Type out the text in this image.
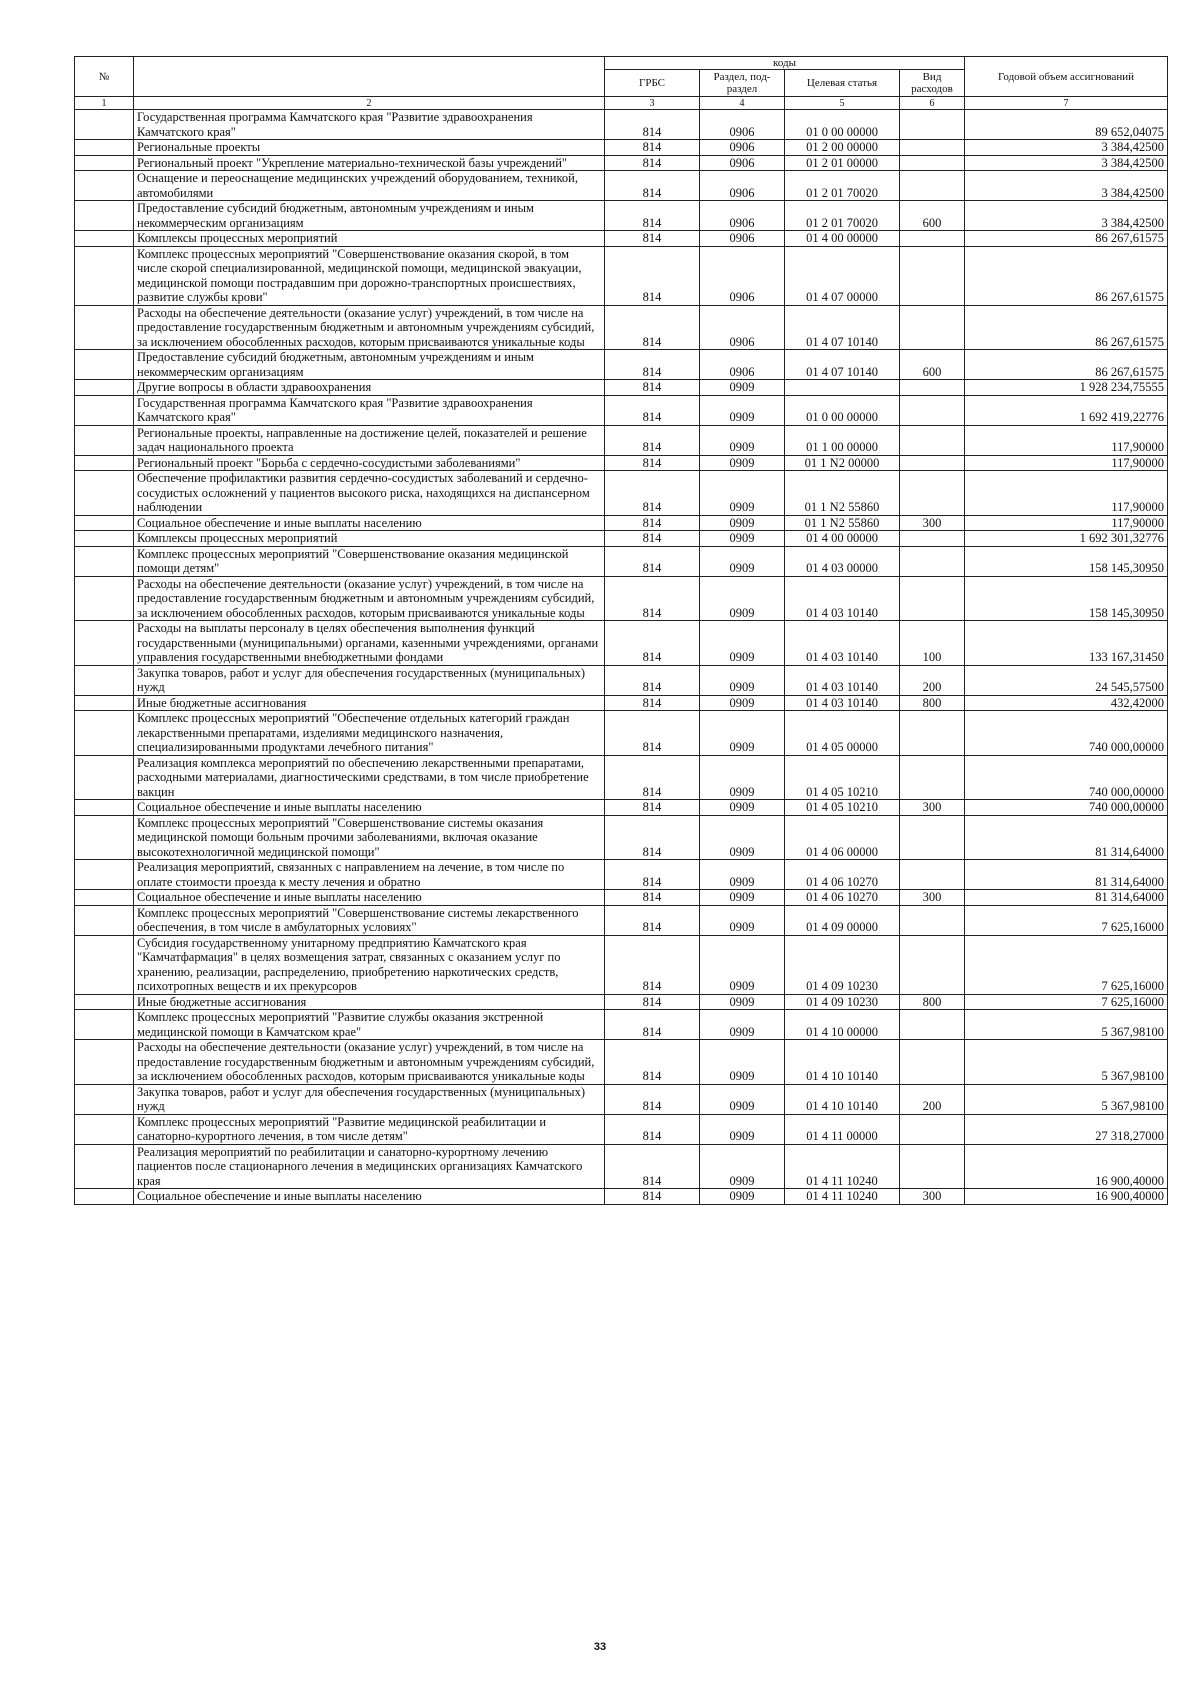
№		коды				Годовой объем ассигнований
		ГРБС	Раздел, под-раздел	Целевая статья	Вид расходов	
1	2	3	4	5	6	7
	Государственная программа Камчатского края "Развитие здравоохранения Камчатского края"	814	0906	01 0 00 00000		89 652,04075
	Региональные проекты	814	0906	01 2 00 00000		3 384,42500
	Региональный проект "Укрепление материально-технической базы учреждений"	814	0906	01 2 01 00000		3 384,42500
	Оснащение и переоснащение медицинских учреждений оборудованием, техникой, автомобилями	814	0906	01 2 01 70020		3 384,42500
	Предоставление субсидий бюджетным, автономным учреждениям и иным некоммерческим организациям	814	0906	01 2 01 70020	600	3 384,42500
	Комплексы процессных мероприятий	814	0906	01 4 00 00000		86 267,61575
	Комплекс процессных мероприятий "Совершенствование оказания скорой, в том числе скорой специализированной, медицинской помощи, медицинской эвакуации, медицинской помощи пострадавшим при дорожно-транспортных происшествиях, развитие службы крови"	814	0906	01 4 07 00000		86 267,61575
	Расходы на обеспечение деятельности (оказание услуг) учреждений, в том числе на предоставление государственным бюджетным и автономным учреждениям субсидий, за исключением обособленных расходов, которым присваиваются уникальные коды	814	0906	01 4 07 10140		86 267,61575
	Предоставление субсидий бюджетным, автономным учреждениям и иным некоммерческим организациям	814	0906	01 4 07 10140	600	86 267,61575
	Другие вопросы в области здравоохранения	814	0909			1 928 234,75555
	Государственная программа Камчатского края "Развитие здравоохранения Камчатского края"	814	0909	01 0 00 00000		1 692 419,22776
	Региональные проекты, направленные на достижение целей, показателей и решение задач национального проекта	814	0909	01 1 00 00000		117,90000
	Региональный проект "Борьба с сердечно-сосудистыми заболеваниями"	814	0909	01 1 N2 00000		117,90000
	Обеспечение профилактики развития сердечно-сосудистых заболеваний и сердечно-сосудистых осложнений у пациентов высокого риска, находящихся на диспансерном наблюдении	814	0909	01 1 N2 55860		117,90000
	Социальное обеспечение и иные выплаты населению	814	0909	01 1 N2 55860	300	117,90000
	Комплексы процессных мероприятий	814	0909	01 4 00 00000		1 692 301,32776
	Комплекс процессных мероприятий "Совершенствование оказания медицинской помощи детям"	814	0909	01 4 03 00000		158 145,30950
	Расходы на обеспечение деятельности (оказание услуг) учреждений, в том числе на предоставление государственным бюджетным и автономным учреждениям субсидий, за исключением обособленных расходов, которым присваиваются уникальные коды	814	0909	01 4 03 10140		158 145,30950
	Расходы на выплаты персоналу в целях обеспечения выполнения функций государственными (муниципальными) органами, казенными учреждениями, органами управления государственными внебюджетными фондами	814	0909	01 4 03 10140	100	133 167,31450
	Закупка товаров, работ и услуг для обеспечения государственных (муниципальных) нужд	814	0909	01 4 03 10140	200	24 545,57500
	Иные бюджетные ассигнования	814	0909	01 4 03 10140	800	432,42000
	Комплекс процессных мероприятий "Обеспечение отдельных категорий граждан лекарственными препаратами, изделиями медицинского назначения, специализированными продуктами лечебного питания"	814	0909	01 4 05 00000		740 000,00000
	Реализация комплекса мероприятий по обеспечению лекарственными препаратами, расходными материалами, диагностическими средствами, в том числе приобретение вакцин	814	0909	01 4 05 10210		740 000,00000
	Социальное обеспечение и иные выплаты населению	814	0909	01 4 05 10210	300	740 000,00000
	Комплекс процессных мероприятий "Совершенствование системы оказания медицинской помощи больным прочими заболеваниями, включая оказание высокотехнологичной медицинской помощи"	814	0909	01 4 06 00000		81 314,64000
	Реализация мероприятий, связанных с направлением на лечение, в том числе по оплате стоимости проезда к месту лечения и обратно	814	0909	01 4 06 10270		81 314,64000
	Социальное обеспечение и иные выплаты населению	814	0909	01 4 06 10270	300	81 314,64000
	Комплекс процессных мероприятий "Совершенствование системы лекарственного обеспечения, в том числе в амбулаторных условиях"	814	0909	01 4 09 00000		7 625,16000
	Субсидия государственному унитарному предприятию Камчатского края "Камчатфармация" в целях возмещения затрат, связанных с оказанием услуг по хранению, реализации, распределению, приобретению наркотических средств, психотропных веществ и их прекурсоров	814	0909	01 4 09 10230		7 625,16000
	Иные бюджетные ассигнования	814	0909	01 4 09 10230	800	7 625,16000
	Комплекс процессных мероприятий "Развитие службы оказания экстренной медицинской помощи в Камчатском крае"	814	0909	01 4 10 00000		5 367,98100
	Расходы на обеспечение деятельности (оказание услуг) учреждений, в том числе на предоставление государственным бюджетным и автономным учреждениям субсидий, за исключением обособленных расходов, которым присваиваются уникальные коды	814	0909	01 4 10 10140		5 367,98100
	Закупка товаров, работ и услуг для обеспечения государственных (муниципальных) нужд	814	0909	01 4 10 10140	200	5 367,98100
	Комплекс процессных мероприятий "Развитие медицинской реабилитации и санаторно-курортного лечения, в том числе детям"	814	0909	01 4 11 00000		27 318,27000
	Реализация мероприятий по реабилитации и санаторно-курортному лечению пациентов после стационарного лечения в медицинских организациях Камчатского края	814	0909	01 4 11 10240		16 900,40000
	Социальное обеспечение и иные выплаты населению	814	0909	01 4 11 10240	300	16 900,40000
33
